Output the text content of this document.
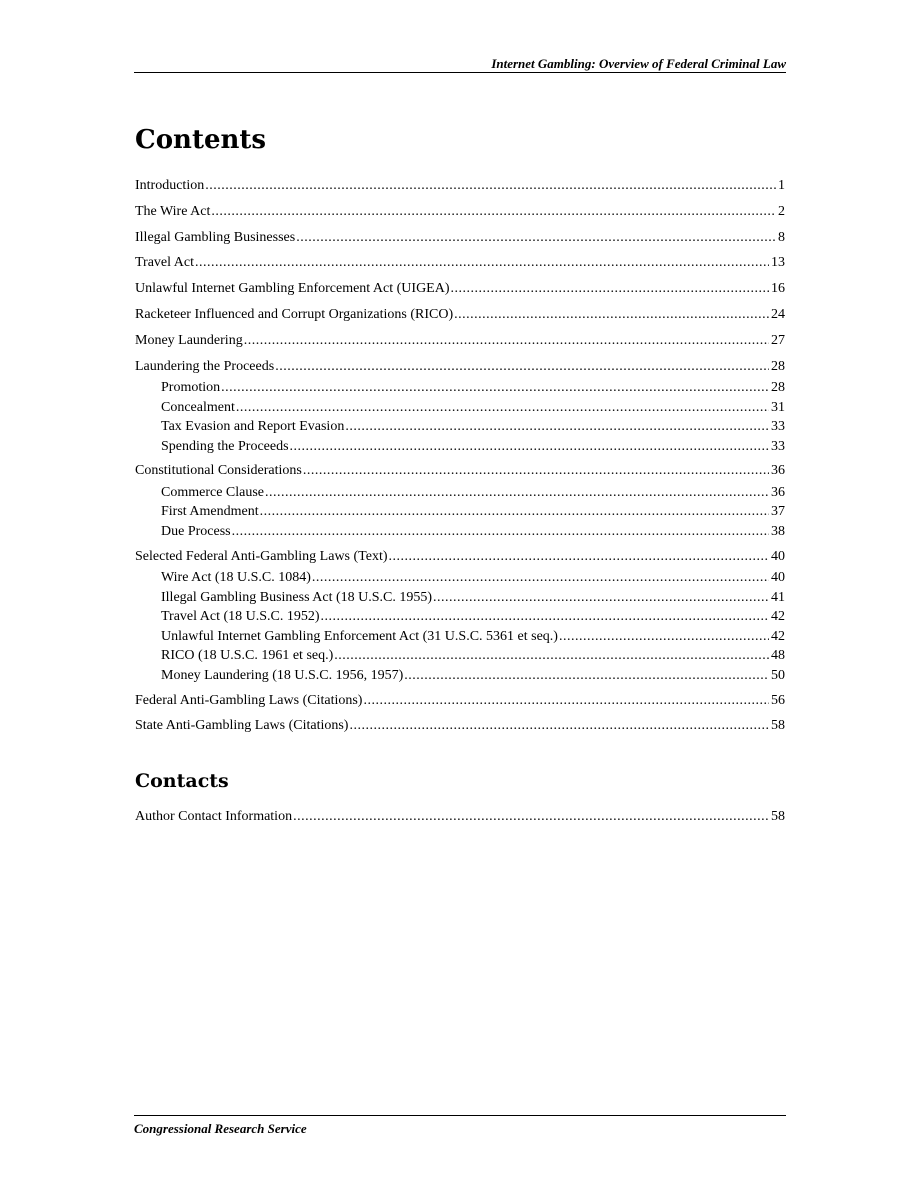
Internet Gambling: Overview of Federal Criminal Law
Contents
Introduction .....	1
The Wire Act .....	2
Illegal Gambling Businesses .....	8
Travel Act .....	13
Unlawful Internet Gambling Enforcement Act (UIGEA) .....	16
Racketeer Influenced and Corrupt Organizations (RICO) .....	24
Money Laundering .....	27
Laundering the Proceeds .....	28
Promotion .....	28
Concealment .....	31
Tax Evasion and Report Evasion .....	33
Spending the Proceeds .....	33
Constitutional Considerations .....	36
Commerce Clause .....	36
First Amendment .....	37
Due Process .....	38
Selected Federal Anti-Gambling Laws (Text) .....	40
Wire Act (18 U.S.C. 1084) .....	40
Illegal Gambling Business Act (18 U.S.C. 1955) .....	41
Travel Act (18 U.S.C. 1952) .....	42
Unlawful Internet Gambling Enforcement Act (31 U.S.C. 5361 et seq.) .....	42
RICO (18 U.S.C. 1961 et seq.) .....	48
Money Laundering (18 U.S.C. 1956, 1957) .....	50
Federal Anti-Gambling Laws (Citations) .....	56
State Anti-Gambling Laws (Citations) .....	58
Contacts
Author Contact Information .....	58
Congressional Research Service
